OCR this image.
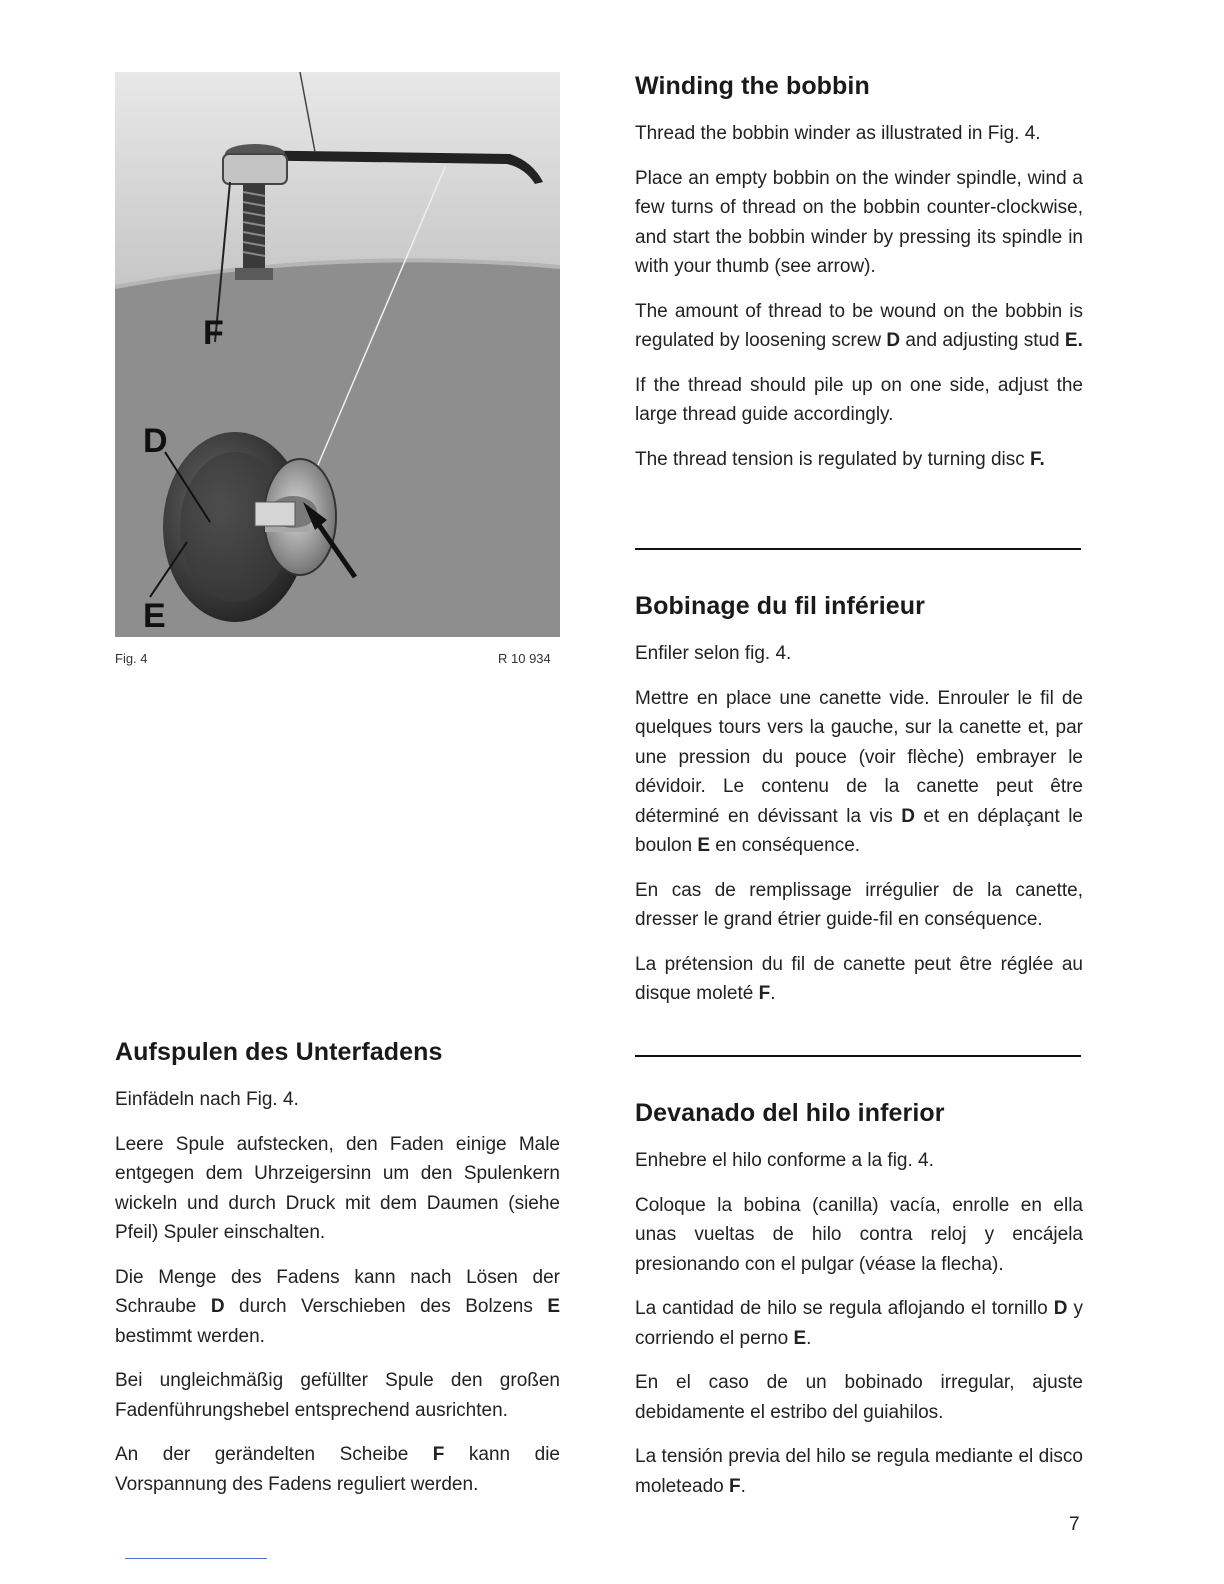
F
D
E
Fig. 4	R 10 934
Winding the bobbin

Thread the bobbin winder as illustrated in Fig. 4.

Place an empty bobbin on the winder spindle, wind a few turns of thread on the bobbin counter-clockwise, and start the bobbin winder by pressing its spindle in with your thumb (see arrow).

The amount of thread to be wound on the bobbin is regulated by loosening screw D and adjusting stud E.

If the thread should pile up on one side, adjust the large thread guide accordingly.

The thread tension is regulated by turning disc F.

Bobinage du fil inférieur

Enfiler selon fig. 4.

Mettre en place une canette vide. Enrouler le fil de quelques tours vers la gauche, sur la canette et, par une pression du pouce (voir flèche) embrayer le dévidoir. Le contenu de la canette peut être déterminé en dévissant la vis D et en déplaçant le boulon E en conséquence.

En cas de remplissage irrégulier de la canette, dresser le grand étrier guide-fil en conséquence.

La prétension du fil de canette peut être réglée au disque moleté F.

Aufspulen des Unterfadens

Einfädeln nach Fig. 4.

Leere Spule aufstecken, den Faden einige Male entgegen dem Uhrzeigersinn um den Spulenkern wickeln und durch Druck mit dem Daumen (siehe Pfeil) Spuler einschalten.

Die Menge des Fadens kann nach Lösen der Schraube D durch Verschieben des Bolzens E bestimmt werden.

Bei ungleichmäßig gefüllter Spule den großen Fadenführungshebel entsprechend ausrichten.

An der gerändelten Scheibe F kann die Vorspannung des Fadens reguliert werden.

Devanado del hilo inferior

Enhebre el hilo conforme a la fig. 4.

Coloque la bobina (canilla) vacía, enrolle en ella unas vueltas de hilo contra reloj y encájela presionando con el pulgar (véase la flecha).

La cantidad de hilo se regula aflojando el tornillo D y corriendo el perno E.

En el caso de un bobinado irregular, ajuste debidamente el estribo del guiahilos.

La tensión previa del hilo se regula mediante el disco moleteado F.

7
